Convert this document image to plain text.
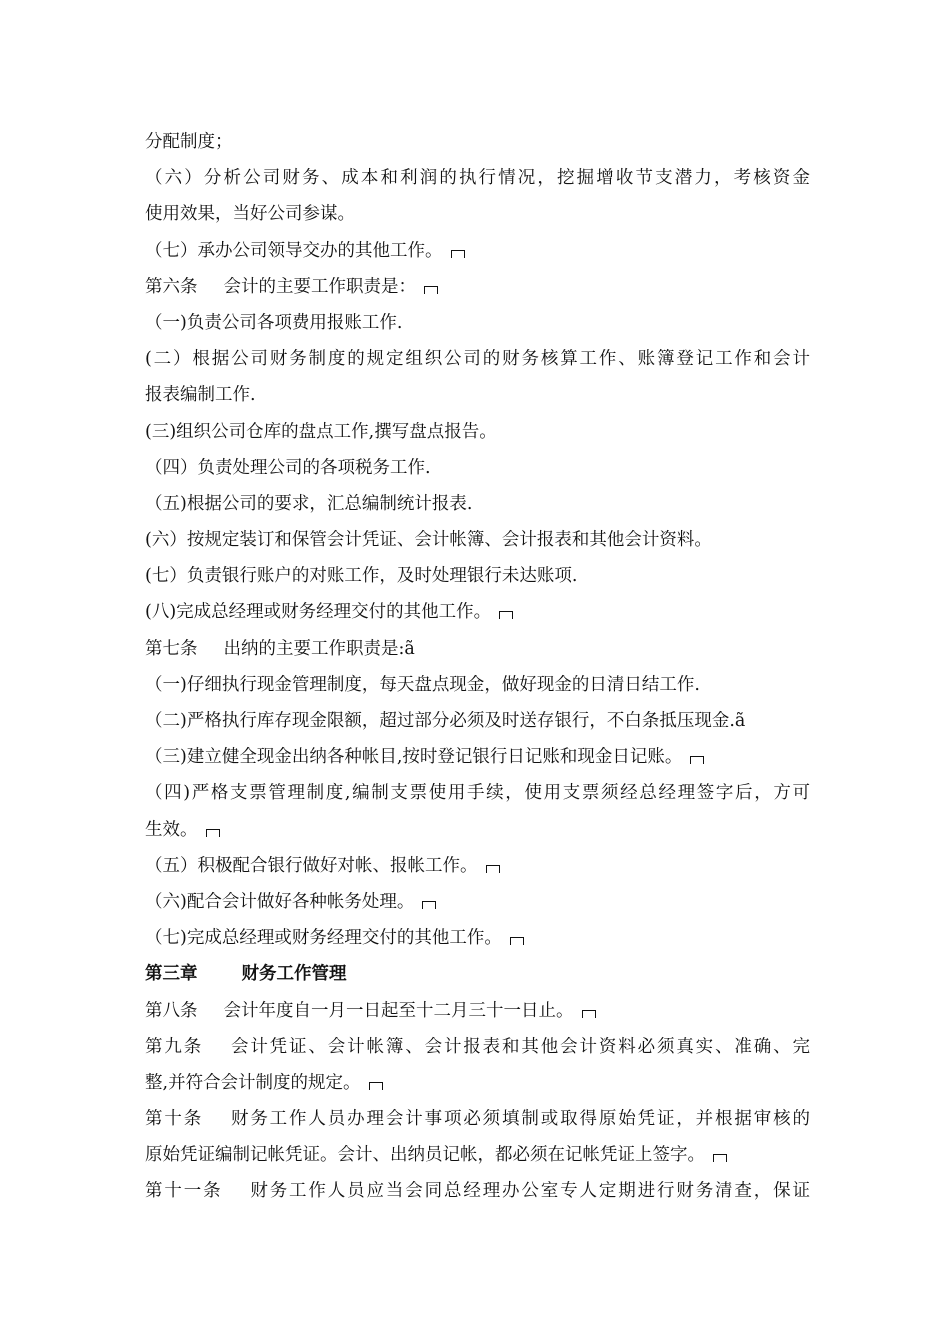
分配制度；
（六）分析公司财务、成本和利润的执行情况，挖掘增收节支潜力，考核资金
使用效果，当好公司参谋。
（七）承办公司领导交办的其他工作。
第六条 会计的主要工作职责是：
（一)负责公司各项费用报账工作.
(二）根据公司财务制度的规定组织公司的财务核算工作、账簿登记工作和会计
报表编制工作.
(三)组织公司仓库的盘点工作,撰写盘点报告。
（四）负责处理公司的各项税务工作.
（五)根据公司的要求，汇总编制统计报表.
(六）按规定装订和保管会计凭证、会计帐簿、会计报表和其他会计资料。
(七）负责银行账户的对账工作，及时处理银行未达账项.
(八)完成总经理或财务经理交付的其他工作。
第七条 出纳的主要工作职责是:ã
（一)仔细执行现金管理制度，每天盘点现金，做好现金的日清日结工作.
（二)严格执行库存现金限额，超过部分必须及时送存银行，不白条抵压现金.ã
（三)建立健全现金出纳各种帐目,按时登记银行日记账和现金日记账。
（四)严格支票管理制度,编制支票使用手续，使用支票须经总经理签字后，方可
生效。
（五）积极配合银行做好对帐、报帐工作。
（六)配合会计做好各种帐务处理。
（七)完成总经理或财务经理交付的其他工作。
第三章	财务工作管理
第八条 会计年度自一月一日起至十二月三十一日止。
第九条 会计凭证、会计帐簿、会计报表和其他会计资料必须真实、准确、完
整,并符合会计制度的规定。
第十条 财务工作人员办理会计事项必须填制或取得原始凭证，并根据审核的
原始凭证编制记帐凭证。会计、出纳员记帐，都必须在记帐凭证上签字。
第十一条 财务工作人员应当会同总经理办公室专人定期进行财务清查，保证
